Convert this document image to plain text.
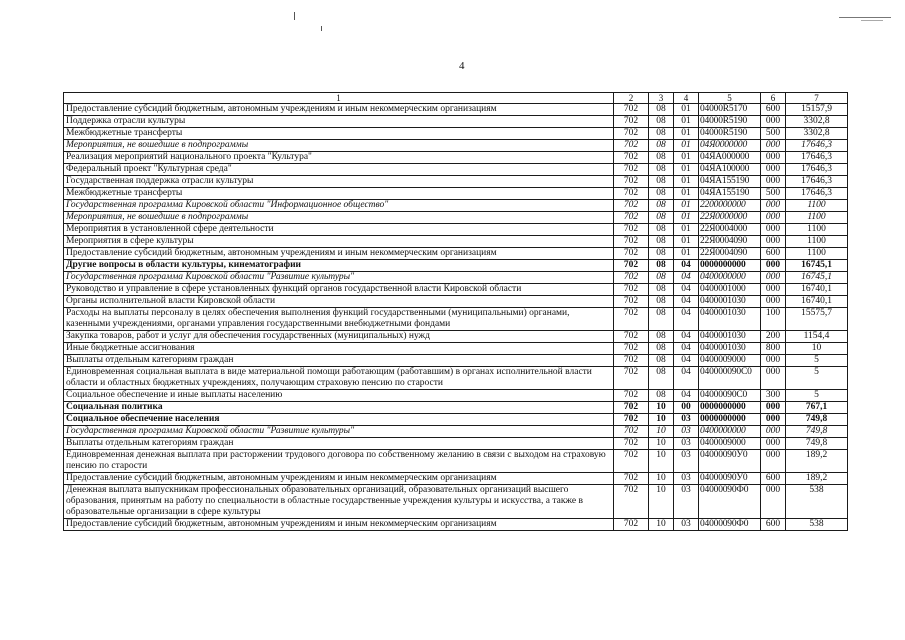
4
1	2	3	4	5	6	7
Предоставление субсидий бюджетным, автономным учреждениям и иным некоммерческим организациям	702	08	01	04000R5170	600	15157,9
Поддержка отрасли культуры	702	08	01	04000R5190	000	3302,8
Межбюджетные трансферты	702	08	01	04000R5190	500	3302,8
Мероприятия, не вошедшие в подпрограммы	702	08	01	04Я0000000	000	17646,3
Реализация мероприятий национального проекта "Культура"	702	08	01	04ЯA000000	000	17646,3
Федеральный проект "Культурная среда"	702	08	01	04ЯA100000	000	17646,3
Государственная поддержка отрасли культуры	702	08	01	04ЯA155190	000	17646,3
Межбюджетные трансферты	702	08	01	04ЯA155190	500	17646,3
Государственная программа Кировской области "Информационное общество"	702	08	01	2200000000	000	1100
Мероприятия, не вошедшие в подпрограммы	702	08	01	22Я0000000	000	1100
Мероприятия в установленной сфере деятельности	702	08	01	22Я0004000	000	1100
Мероприятия в сфере культуры	702	08	01	22Я0004090	000	1100
Предоставление субсидий бюджетным, автономным учреждениям и иным некоммерческим организациям	702	08	01	22Я0004090	600	1100
Другие вопросы в области культуры, кинематографии	702	08	04	0000000000	000	16745,1
Государственная программа Кировской области "Развитие культуры"	702	08	04	0400000000	000	16745,1
Руководство и управление в сфере установленных функций органов государственной власти Кировской области	702	08	04	0400001000	000	16740,1
Органы исполнительной власти Кировской области	702	08	04	0400001030	000	16740,1
Расходы на выплаты персоналу в целях обеспечения выполнения функций государственными (муниципальными) органами, казенными учреждениями, органами управления государственными внебюджетными фондами	702	08	04	0400001030	100	15575,7
Закупка товаров, работ и услуг для обеспечения государственных (муниципальных) нужд	702	08	04	0400001030	200	1154,4
Иные бюджетные ассигнования	702	08	04	0400001030	800	10
Выплаты отдельным категориям граждан	702	08	04	0400009000	000	5
Единовременная социальная выплата в виде материальной помощи работающим (работавшим) в органах исполнительной власти области и областных бюджетных учреждениях, получающим страховую пенсию по старости	702	08	04	040000090C0	000	5
Социальное обеспечение и иные выплаты населению	702	08	04	04000090C0	300	5
Социальная политика	702	10	00	0000000000	000	767,1
Социальное обеспечение населения	702	10	03	0000000000	000	749,8
Государственная программа Кировской области "Развитие культуры"	702	10	03	0400000000	000	749,8
Выплаты отдельным категориям граждан	702	10	03	0400009000	000	749,8
Единовременная денежная выплата при расторжении трудового договора по собственному желанию в связи с выходом на страховую пенсию по старости	702	10	03	04000090У0	000	189,2
Предоставление субсидий бюджетным, автономным учреждениям и иным некоммерческим организациям	702	10	03	04000090У0	600	189,2
Денежная выплата выпускникам профессиональных образовательных организаций, образовательных организаций высшего образования, принятым на работу по специальности в областные государственные учреждения культуры и искусства, а также в образовательные организации в сфере культуры	702	10	03	04000090Ф0	000	538
Предоставление субсидий бюджетным, автономным учреждениям и иным некоммерческим организациям	702	10	03	04000090Ф0	600	538
